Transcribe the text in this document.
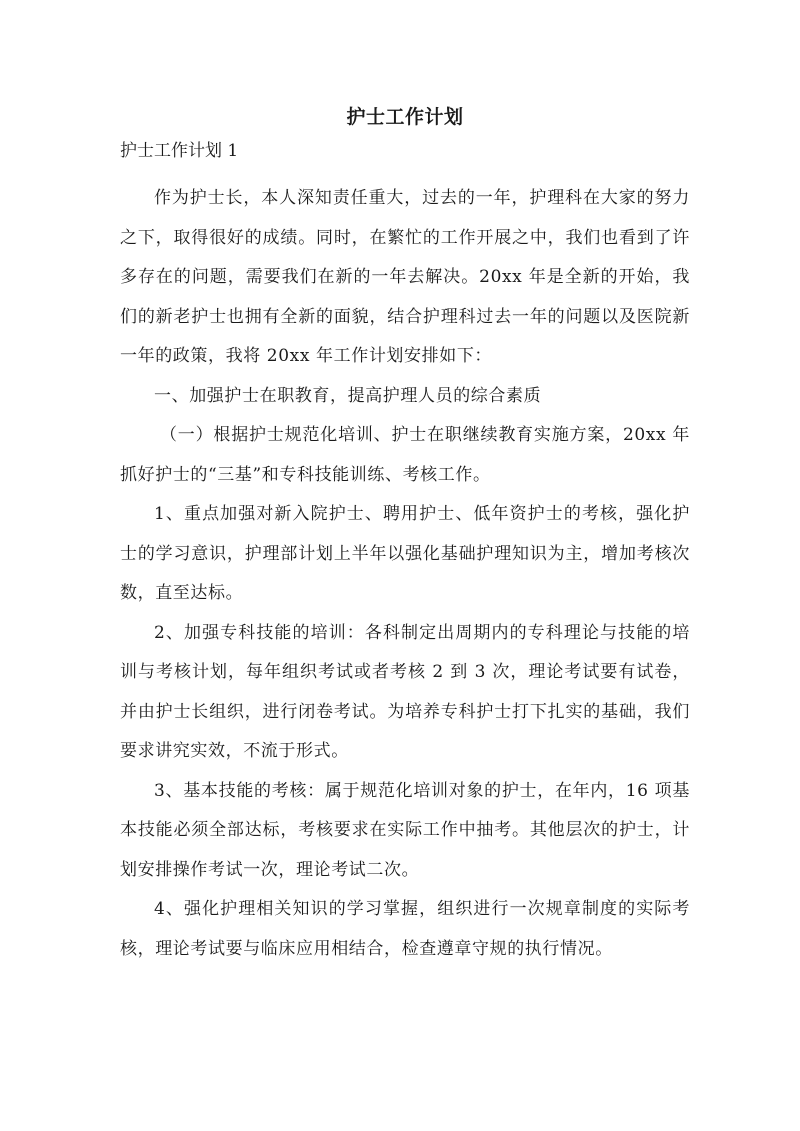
护士工作计划
护士工作计划 1

作为护士长，本人深知责任重大，过去的一年，护理科在大家的努力之下，取得很好的成绩。同时，在繁忙的工作开展之中，我们也看到了许多存在的问题，需要我们在新的一年去解决。20xx 年是全新的开始，我们的新老护士也拥有全新的面貌，结合护理科过去一年的问题以及医院新一年的政策，我将 20xx 年工作计划安排如下：

一、加强护士在职教育，提高护理人员的综合素质

（一）根据护士规范化培训、护士在职继续教育实施方案，20xx 年抓好护士的“三基”和专科技能训练、考核工作。

1、重点加强对新入院护士、聘用护士、低年资护士的考核，强化护士的学习意识，护理部计划上半年以强化基础护理知识为主，增加考核次数，直至达标。

2、加强专科技能的培训：各科制定出周期内的专科理论与技能的培训与考核计划，每年组织考试或者考核 2 到 3 次，理论考试要有试卷，并由护士长组织，进行闭卷考试。为培养专科护士打下扎实的基础，我们要求讲究实效，不流于形式。

3、基本技能的考核：属于规范化培训对象的护士，在年内，16 项基本技能必须全部达标，考核要求在实际工作中抽考。其他层次的护士，计划安排操作考试一次，理论考试二次。

4、强化护理相关知识的学习掌握，组织进行一次规章制度的实际考核，理论考试要与临床应用相结合，检查遵章守规的执行情况。
